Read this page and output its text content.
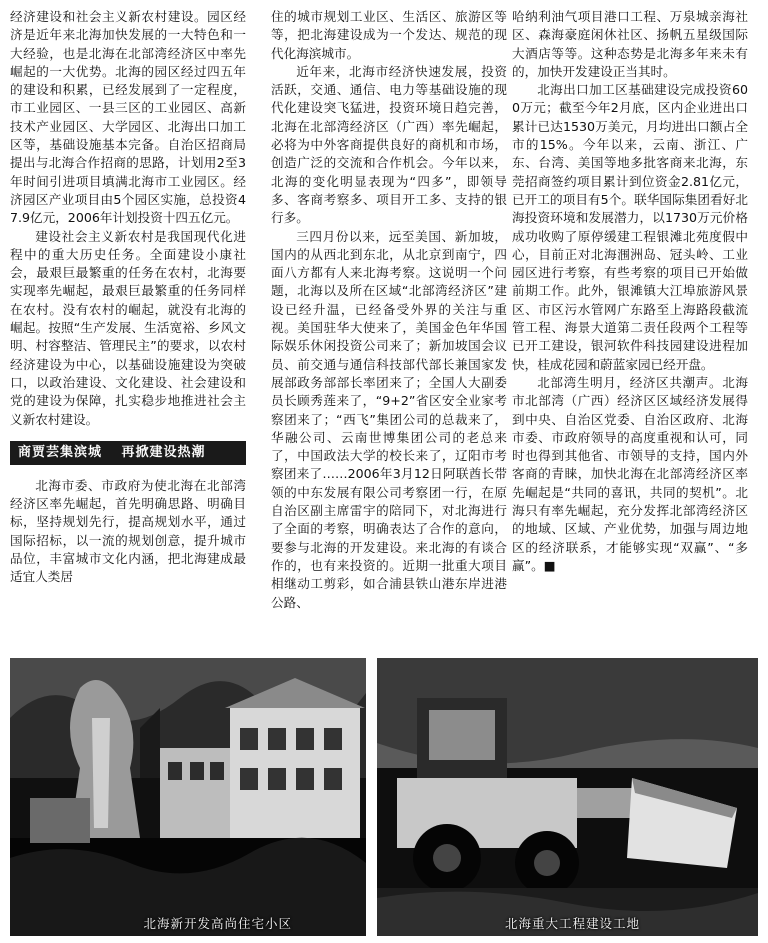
经济建设和社会主义新农村建设。园区经济是近年来北海加快发展的一大特色和一大经验，也是北海在北部湾经济区中率先崛起的一大优势。北海的园区经过四五年的建设和积累，已经发展到了一定程度，市工业园区、一县三区的工业园区、高新技术产业园区、大学园区、北海出口加工区等，基础设施基本完备。自治区招商局提出与北海合作招商的思路，计划用2至3年时间引进项目填满北海市工业园区。经济园区产业项目由5个园区实施，总投资47.9亿元，2006年计划投资十四五亿元。

建设社会主义新农村是我国现代化进程中的重大历史任务。全面建设小康社会，最艰巨最繁重的任务在农村，北海要实现率先崛起，最艰巨最繁重的任务同样在农村。没有农村的崛起，就没有北海的崛起。按照“生产发展、生活宽裕、乡风文明、村容整洁、管理民主”的要求，以农村经济建设为中心，以基础设施建设为突破口，以政治建设、文化建设、社会建设和党的建设为保障，扎实稳步地推进社会主义新农村建设。

商贾芸集滨城 再掀建设热潮

北海市委、市政府为使北海在北部湾经济区率先崛起，首先明确思路、明确目标，坚持规划先行，提高规划水平，通过国际招标，以一流的规划创意，提升城市品位，丰富城市文化内涵，把北海建成最适宜人类居

住的城市规划工业区、生活区、旅游区等等，把北海建设成为一个发达、规范的现代化海滨城市。

近年来，北海市经济快速发展，投资活跃，交通、通信、电力等基础设施的现代化建设突飞猛进，投资环境日趋完善，北海在北部湾经济区（广西）率先崛起，必将为中外客商提供良好的商机和市场，创造广泛的交流和合作机会。今年以来，北海的变化明显表现为“四多”，即领导多、客商考察多、项目开工多、支持的银行多。

三四月份以来，远至美国、新加坡，国内的从西北到东北，从北京到南宁，四面八方都有人来北海考察。这说明一个问题，北海以及所在区域“北部湾经济区”建设已经升温，已经备受外界的关注与重视。美国驻华大使来了，美国金色年华国际娱乐休闲投资公司来了；新加坡国会议员、前交通与通信科技部代部长兼国家发展部政务部部长率团来了；全国人大副委员长顾秀莲来了，“9+2”省区安全业家考察团来了；“西飞”集团公司的总裁来了，华融公司、云南世博集团公司的老总来了，中国政法大学的校长来了，辽阳市考察团来了……2006年3月12日阿联酋长带领的中东发展有限公司考察团一行，在原自治区副主席雷宇的陪同下，对北海进行了全面的考察，明确表达了合作的意向，要参与北海的开发建设。来北海的有谈合作的，也有来投资的。近期一批重大项目相继动工剪彩，如合浦县铁山港东岸进港公路、

哈纳利油气项目港口工程、万泉城亲海社区、森海豪庭闲休社区、扬帆五星级国际大酒店等等。这种态势是北海多年来未有的，加快开发建设正当其时。

北海出口加工区基础建设完成投资600万元；截至今年2月底，区内企业进出口累计已达1530万美元，月均进出口额占全市的15%。今年以来，云南、浙江、广东、台湾、美国等地多批客商来北海，东莞招商签约项目累计到位资金2.81亿元，已开工的项目有5个。联华国际集团看好北海投资环境和发展潜力，以1730万元价格成功收购了原停缓建工程银滩北苑度假中心，目前正对北海涠洲岛、冠头岭、工业园区进行考察，有些考察的项目已开始做前期工作。此外，银滩镇大江埠旅游风景区、市区污水管网广东路至上海路段截流管工程、海景大道第二责任段两个工程等已开工建设，银河软件科技园建设进程加快，桂成花园和蔚蓝家园已经开盘。

北部湾生明月，经济区共潮声。北海市北部湾（广西）经济区区域经济发展得到中央、自治区党委、自治区政府、北海市委、市政府领导的高度重视和认可，同时也得到其他省、市领导的支持，国内外客商的青睐，加快北海在北部湾经济区率先崛起是“共同的喜讯，共同的契机”。北海只有率先崛起，充分发挥北部湾经济区的地域、区域、产业优势，加强与周边地区的经济联系，才能够实现“双赢”、“多赢”。■

北海新开发高尚住宅小区	北海重大工程建设工地
